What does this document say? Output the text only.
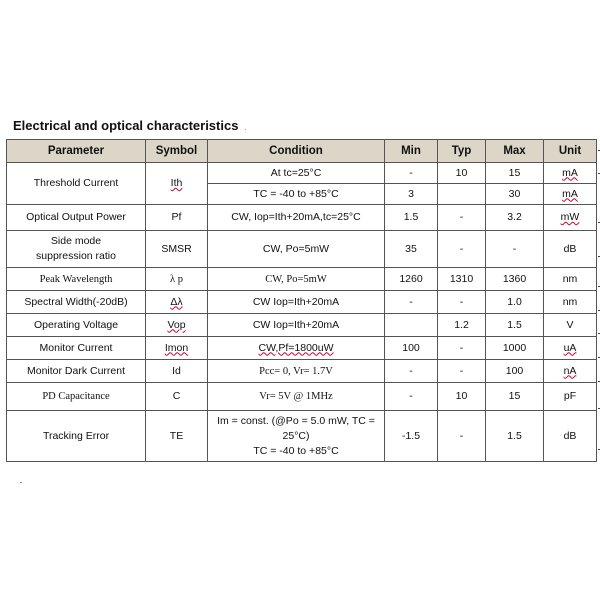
Electrical and optical characteristics .
Parameter	Symbol	Condition	Min	Typ	Max	Unit
Threshold Current	Ith	At tc=25°C	-	10	15	mA
		TC = -40 to +85°C	3		30	mA
Optical Output Power	Pf	CW, Iop=Ith+20mA,tc=25°C	1.5	-	3.2	mW
Side mode
suppression ratio	SMSR	CW, Po=5mW	35	-	-	dB
Peak Wavelength	λ p	CW, Po=5mW	1260	1310	1360	nm
Spectral Width(-20dB)	Δλ	CW Iop=Ith+20mA	-	-	1.0	nm
Operating Voltage	Vop	CW Iop=Ith+20mA		1.2	1.5	V
Monitor Current	Imon	CW,Pf=1800uW	100	-	1000	uA
Monitor Dark Current	Id	Pcc= 0, Vr= 1.7V	-	-	100	nA
PD Capacitance	C	Vr= 5V @ 1MHz	-	10	15	pF
Tracking Error	TE	Im = const. (@Po = 5.0 mW, TC = 25°C)
TC = -40 to +85°C	-1.5	-	1.5	dB
